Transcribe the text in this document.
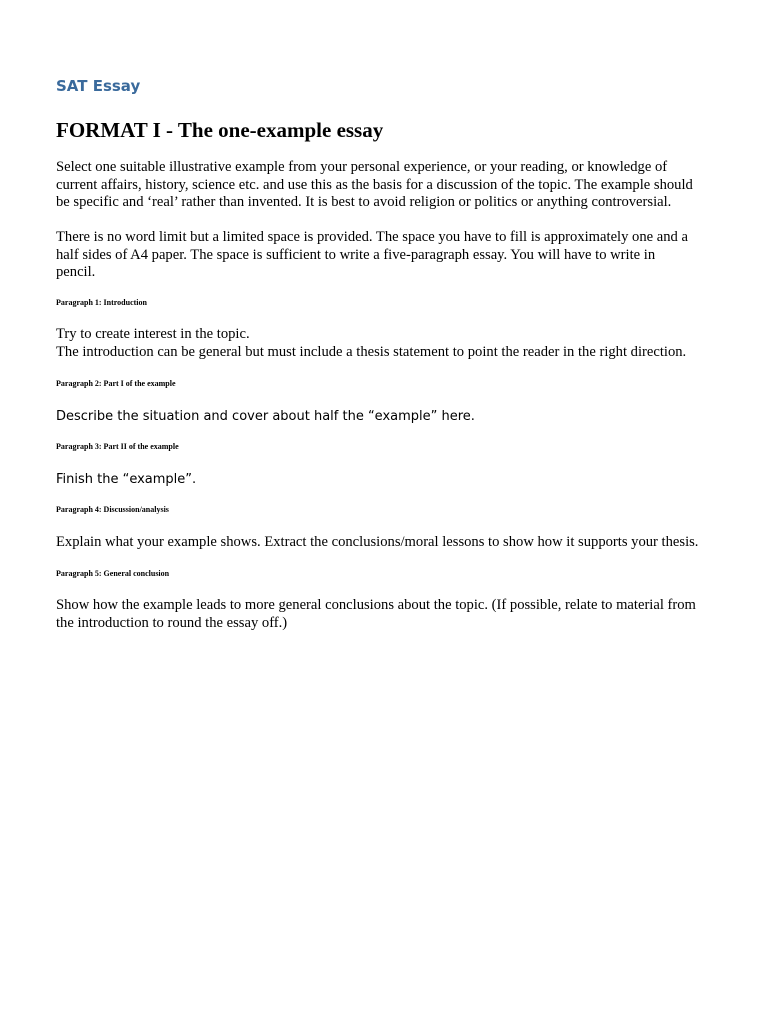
SAT Essay
FORMAT I - The one-example essay

Select one suitable illustrative example from your personal experience, or your reading, or knowledge of
current affairs, history, science etc. and use this as the basis for a discussion of the topic. The example should
be specific and ‘real’ rather than invented. It is best to avoid religion or politics or anything controversial.

There is no word limit but a limited space is provided. The space you have to fill is approximately one and a
half sides of A4 paper. The space is sufficient to write a five-paragraph essay. You will have to write in
pencil.

Paragraph 1: Introduction

Try to create interest in the topic.
The introduction can be general but must include a thesis statement to point the reader in the right direction.

Paragraph 2: Part I of the example

Describe the situation and cover about half the “example” here.

Paragraph 3: Part II of the example

Finish the “example”.

Paragraph 4: Discussion/analysis

Explain what your example shows. Extract the conclusions/moral lessons to show how it supports your thesis.

Paragraph 5: General conclusion

Show how the example leads to more general conclusions about the topic. (If possible, relate to material from
the introduction to round the essay off.)
